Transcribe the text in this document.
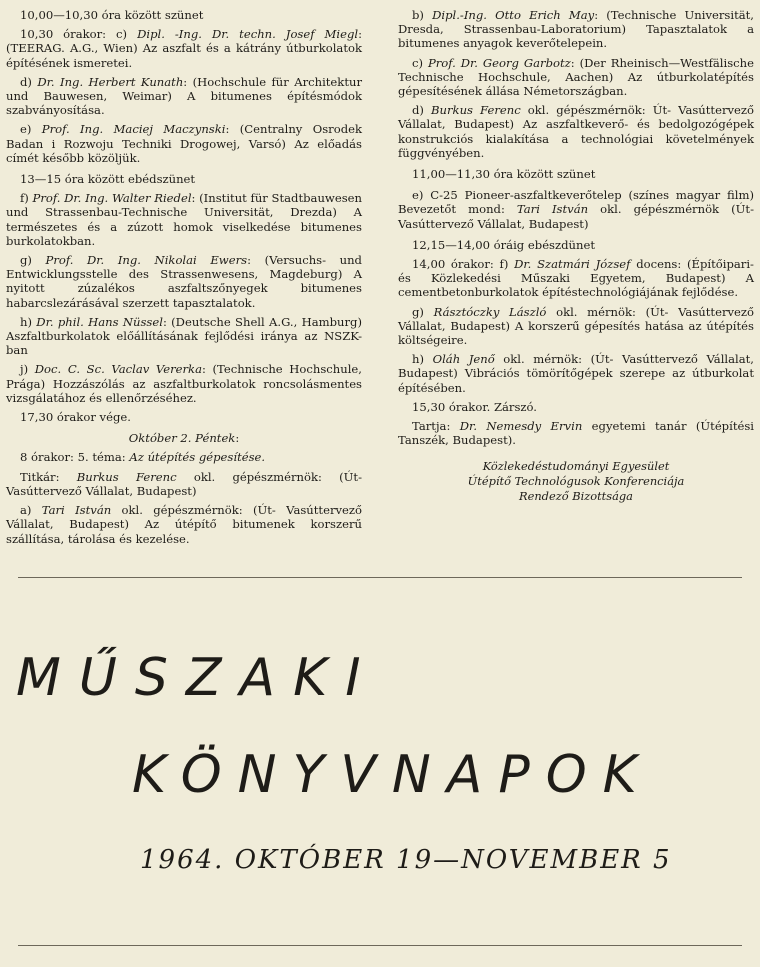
10,00—10,30 óra között szünet

10,30 órakor: c) Dipl. -Ing. Dr. techn. Josef Miegl: (TEERAG. A.G., Wien) Az aszfalt és a kátrány útburkolatok építésének ismeretei.

d) Dr. Ing. Herbert Kunath: (Hochschule für Architektur und Bauwesen, Weimar) A bitumenes építésmódok szabványosítása.

e) Prof. Ing. Maciej Maczynski: (Centralny Osrodek Badan i Rozwoju Techniki Drogowej, Varsó) Az előadás címét később közöljük.

13—15 óra között ebédszünet

f) Prof. Dr. Ing. Walter Riedel: (Institut für Stadtbauwesen und Strassenbau-Technische Universität, Drezda) A természetes és a zúzott homok viselkedése bitumenes burkolatokban.

g) Prof. Dr. Ing. Nikolai Ewers: (Versuchs- und Entwicklungsstelle des Strassenwesens, Magdeburg) A nyitott zúzalékos aszfaltszőnyegek bitumenes habarcslezárásával szerzett tapasztalatok.

h) Dr. phil. Hans Nüssel: (Deutsche Shell A.G., Hamburg) Aszfaltburkolatok előállításának fejlődési iránya az NSZK-ban

j) Doc. C. Sc. Vaclav Vererka: (Technische Hochschule, Prága) Hozzászólás az aszfaltburkolatok roncsolásmentes vizsgálatához és ellenőrzéséhez.

17,30 órakor vége.

Október 2. Péntek:

8 órakor: 5. téma: Az útépítés gépesítése.

Titkár: Burkus Ferenc okl. gépészmérnök: (Út-Vasúttervező Vállalat, Budapest)

a) Tari István okl. gépészmérnök: (Út- Vasúttervező Vállalat, Budapest) Az útépítő bitumenek korszerű szállítása, tárolása és kezelése.

b) Dipl.-Ing. Otto Erich May: (Technische Universität, Dresda, Strassenbau-Laboratorium) Tapasztalatok a bitumenes anyagok keverőtelepein.

c) Prof. Dr. Georg Garbotz: (Der Rheinisch—Westfälische Technische Hochschule, Aachen) Az útburkolatépítés gépesítésének állása Németországban.

d) Burkus Ferenc okl. gépészmérnök: Út- Vasúttervező Vállalat, Budapest) Az aszfaltkeverő- és bedolgozógépek konstrukciós kialakítása a technológiai követelmények függvényében.

11,00—11,30 óra között szünet

e) C-25 Pioneer-aszfaltkeverőtelep (színes magyar film) Bevezetőt mond: Tari István okl. gépészmérnök (Út- Vasúttervező Vállalat, Budapest)

12,15—14,00 óráig ebészdünet

14,00 órakor: f) Dr. Szatmári József docens: (Építőipari- és Közlekedési Műszaki Egyetem, Budapest) A cementbetonburkolatok építéstechnológiájának fejlődése.

g) Rásztóczky László okl. mérnök: (Út- Vasúttervező Vállalat, Budapest) A korszerű gépesítés hatása az útépítés költségeire.

h) Oláh Jenő okl. mérnök: (Út- Vasúttervező Vállalat, Budapest) Vibrációs tömörítőgépek szerepe az útburkolat építésében.

15,30 órakor. Zárszó.

Tartja: Dr. Nemesdy Ervin egyetemi tanár (Útépítési Tanszék, Budapest).

Közlekedéstudományi Egyesület
Útépítő Technológusok Konferenciája
Rendező Bizottsága
MŰSZAKI
KÖNYVNAPOK
1964. OKTÓBER 19—NOVEMBER 5
